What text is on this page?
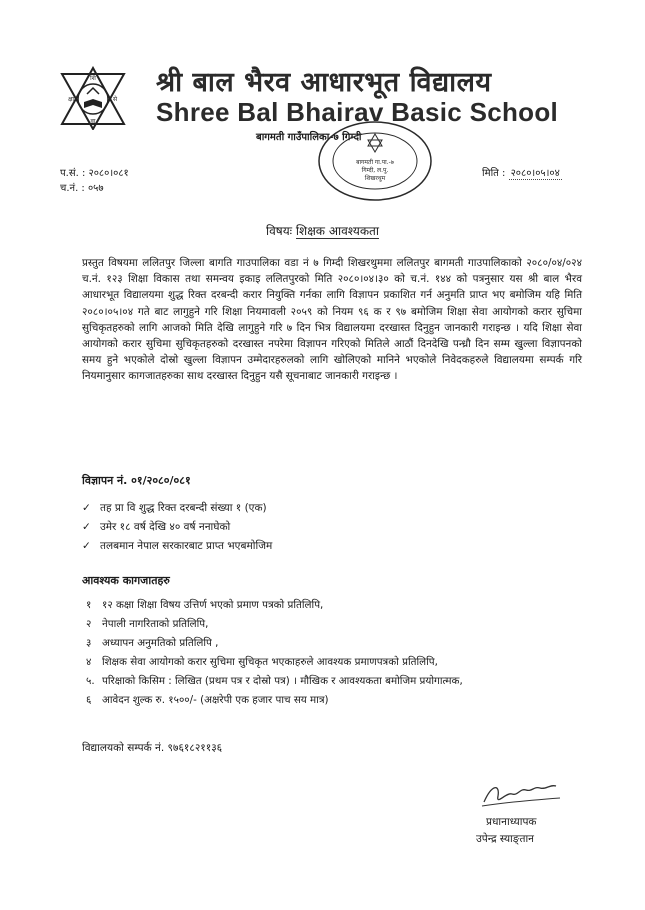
शि
क्षा	से
वा
श्री बाल भैरव आधारभूत विद्यालय
Shree Bal Bhairav Basic School
बागमती गाउँपालिका-७ गिम्दी
बागमती गा.पा.-७
गिम्दी, ल.पु.
शिखरथुम
प.सं. : २०८०।०८१
च.नं. : ०५७
मिति : २०८०।०५।०४
विषयः शिक्षक आवश्यकता
प्रस्तुत विषयमा ललितपुर जिल्ला बागति गाउपालिका वडा नं ७ गिम्दी शिखरथुममा ललितपुर बागमती गाउपालिकाको २०८०/०४/०२४ च.नं. १२३ शिक्षा विकास तथा समन्वय इकाइ ललितपुरको मिति २०८०।०४।३० को च.नं. १४४ को पत्रनुसार यस श्री बाल भैरव आधारभूत विद्यालयमा शुद्ध रिक्त दरबन्दी करार नियुक्ति गर्नका लागि विज्ञापन प्रकाशित गर्न अनुमति प्राप्त भए बमोजिम यहि मिति २०८०।०५।०४ गते बाट लागुहुने गरि शिक्षा नियमावली २०५९ को नियम ९६ क र ९७ बमोजिम शिक्षा सेवा आयोगको करार सुचिमा सुचिकृतहरुको लागि आजको मिति देखि लागुहुने गरि ७ दिन भित्र विद्यालयमा दरखास्त दिनुहुन जानकारी गराइन्छ । यदि शिक्षा सेवा आयोगको करार सुचिमा सुचिकृतहरुको दरखास्त नपरेमा विज्ञापन गरिएको मितिले आठौं दिनदेखि पन्ध्रौ दिन सम्म खुल्ला विज्ञापनको समय हुने भएकोले दोस्रो खुल्ला विज्ञापन उम्मेदारहरुलको लागि खोलिएको मानिने भएकोले निवेदकहरुले विद्यालयमा सम्पर्क गरि नियमानुसार कागजातहरुका साथ दरखास्त दिनुहुन यसै सूचनाबाट जानकारी गराइन्छ ।
विज्ञापन नं. ०१/२०८०/०८१
✓ तह प्रा वि शुद्ध रिक्त दरबन्दी संख्या १ (एक)
✓ उमेर १८ वर्ष देखि ४० वर्ष ननाघेको
✓ तलबमान नेपाल सरकारबाट प्राप्त भएबमोजिम
आवश्यक कागजातहरु
१	१२ कक्षा शिक्षा विषय उत्तिर्ण भएको प्रमाण पत्रको प्रतिलिपि,
२	नेपाली नागरिताको प्रतिलिपि,
३	अध्यापन अनुमतिको प्रतिलिपि ,
४	शिक्षक सेवा आयोगको करार सुचिमा सुचिकृत भएकाहरुले आवश्यक प्रमाणपत्रको प्रतिलिपि,
५. परिक्षाको किसिम : लिखित (प्रथम पत्र र दोस्रो पत्र) । मौखिक र आवश्यकता बमोजिम प्रयोगात्मक,
६	आवेदन शुल्क रु. १५००/- (अक्षरेपी एक हजार पाच सय मात्र)
विद्यालयको सम्पर्क नं. ९७६१८२११३६
प्रधानाध्यापक
उपेन्द्र स्याङ्तान
